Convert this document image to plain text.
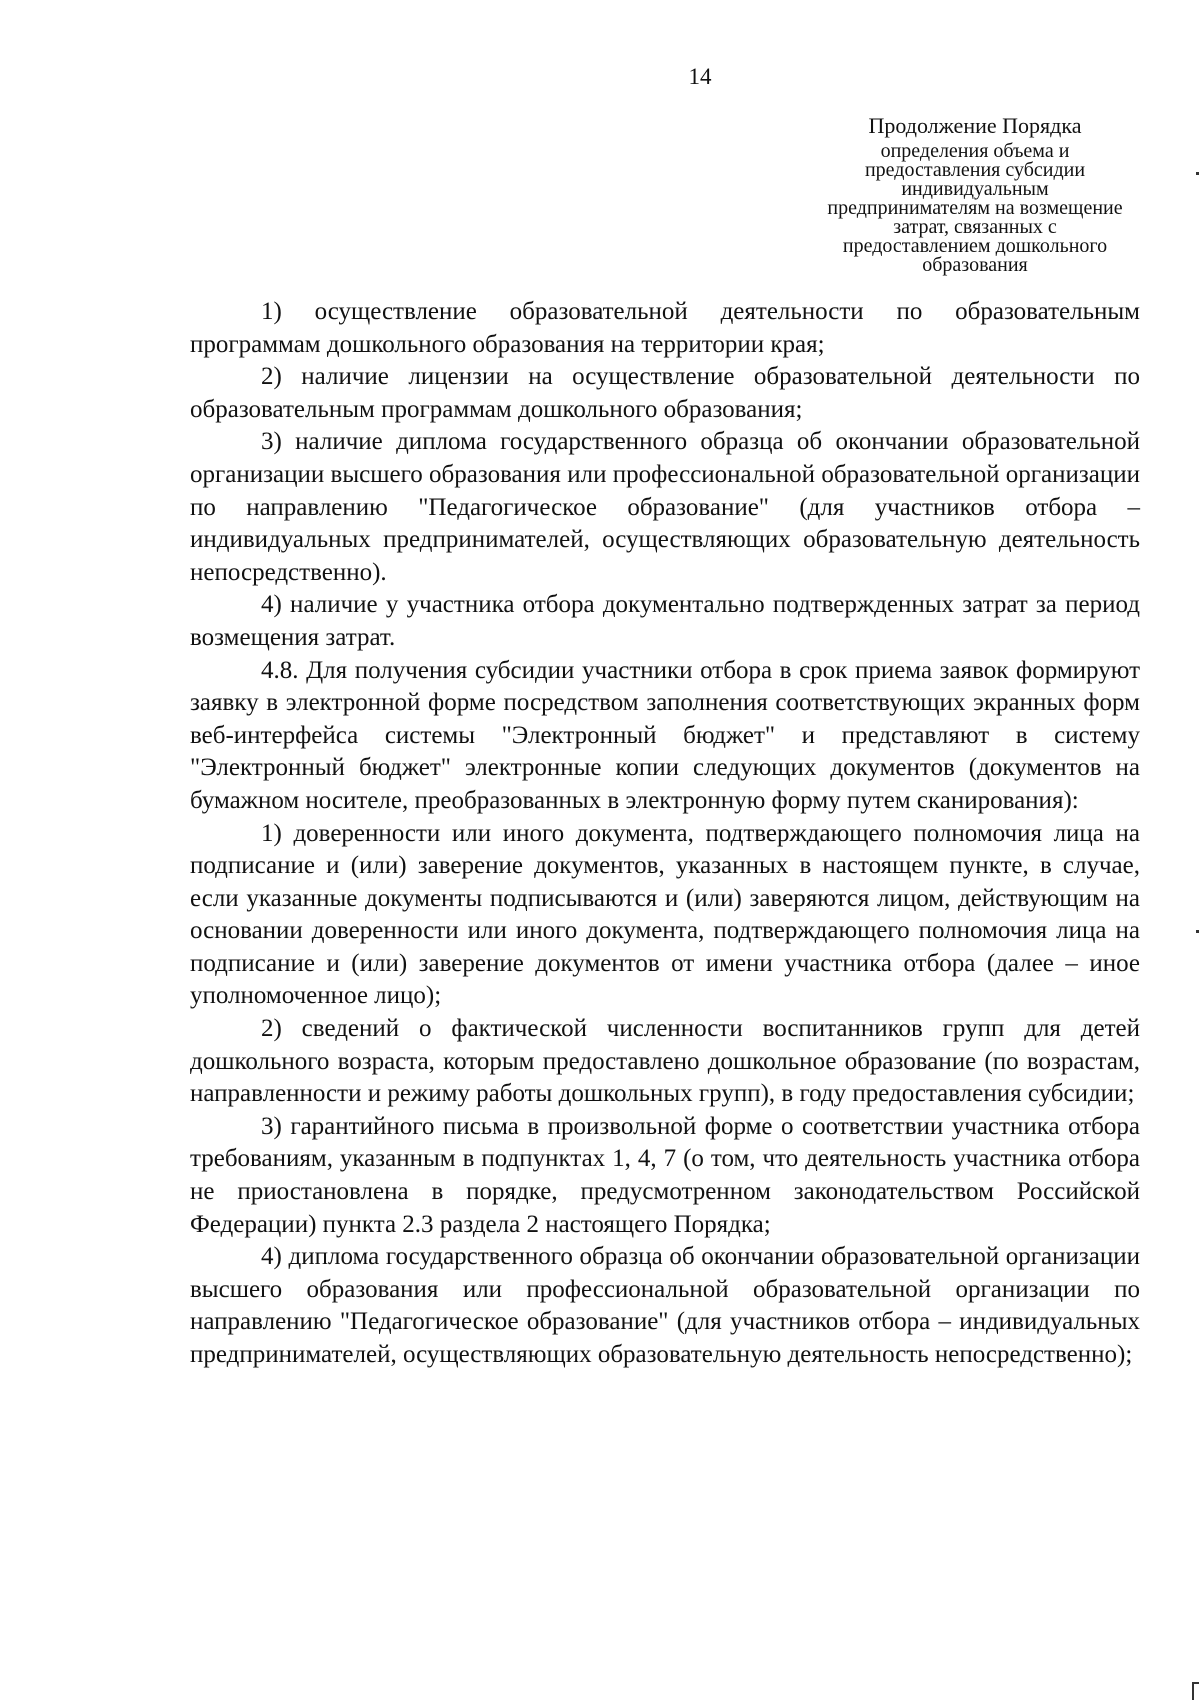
14
Продолжение Порядка
определения объема и
предоставления субсидии
индивидуальным
предпринимателям на возмещение
затрат, связанных с
предоставлением дошкольного
образования

1) осуществление образовательной деятельности по образовательным программам дошкольного образования на территории края;

2) наличие лицензии на осуществление образовательной деятельности по образовательным программам дошкольного образования;

3) наличие диплома государственного образца об окончании образовательной организации высшего образования или профессиональной образовательной организации по направлению "Педагогическое образование" (для участников отбора – индивидуальных предпринимателей, осуществляющих образовательную деятельность непосредственно).

4) наличие у участника отбора документально подтвержденных затрат за период возмещения затрат.

4.8. Для получения субсидии участники отбора в срок приема заявок формируют заявку в электронной форме посредством заполнения соответствующих экранных форм веб-интерфейса системы "Электронный бюджет" и представляют в систему "Электронный бюджет" электронные копии следующих документов (документов на бумажном носителе, преобразованных в электронную форму путем сканирования):

1) доверенности или иного документа, подтверждающего полномочия лица на подписание и (или) заверение документов, указанных в настоящем пункте, в случае, если указанные документы подписываются и (или) заверяются лицом, действующим на основании доверенности или иного документа, подтверждающего полномочия лица на подписание и (или) заверение документов от имени участника отбора (далее – иное уполномоченное лицо);

2) сведений о фактической численности воспитанников групп для детей дошкольного возраста, которым предоставлено дошкольное образование (по возрастам, направленности и режиму работы дошкольных групп), в году предоставления субсидии;

3) гарантийного письма в произвольной форме о соответствии участника отбора требованиям, указанным в подпунктах 1, 4, 7 (о том, что деятельность участника отбора не приостановлена в порядке, предусмотренном законодательством Российской Федерации) пункта 2.3 раздела 2 настоящего Порядка;

4) диплома государственного образца об окончании образовательной организации высшего образования или профессиональной образовательной организации по направлению "Педагогическое образование" (для участников отбора – индивидуальных предпринимателей, осуществляющих образовательную деятельность непосредственно);
